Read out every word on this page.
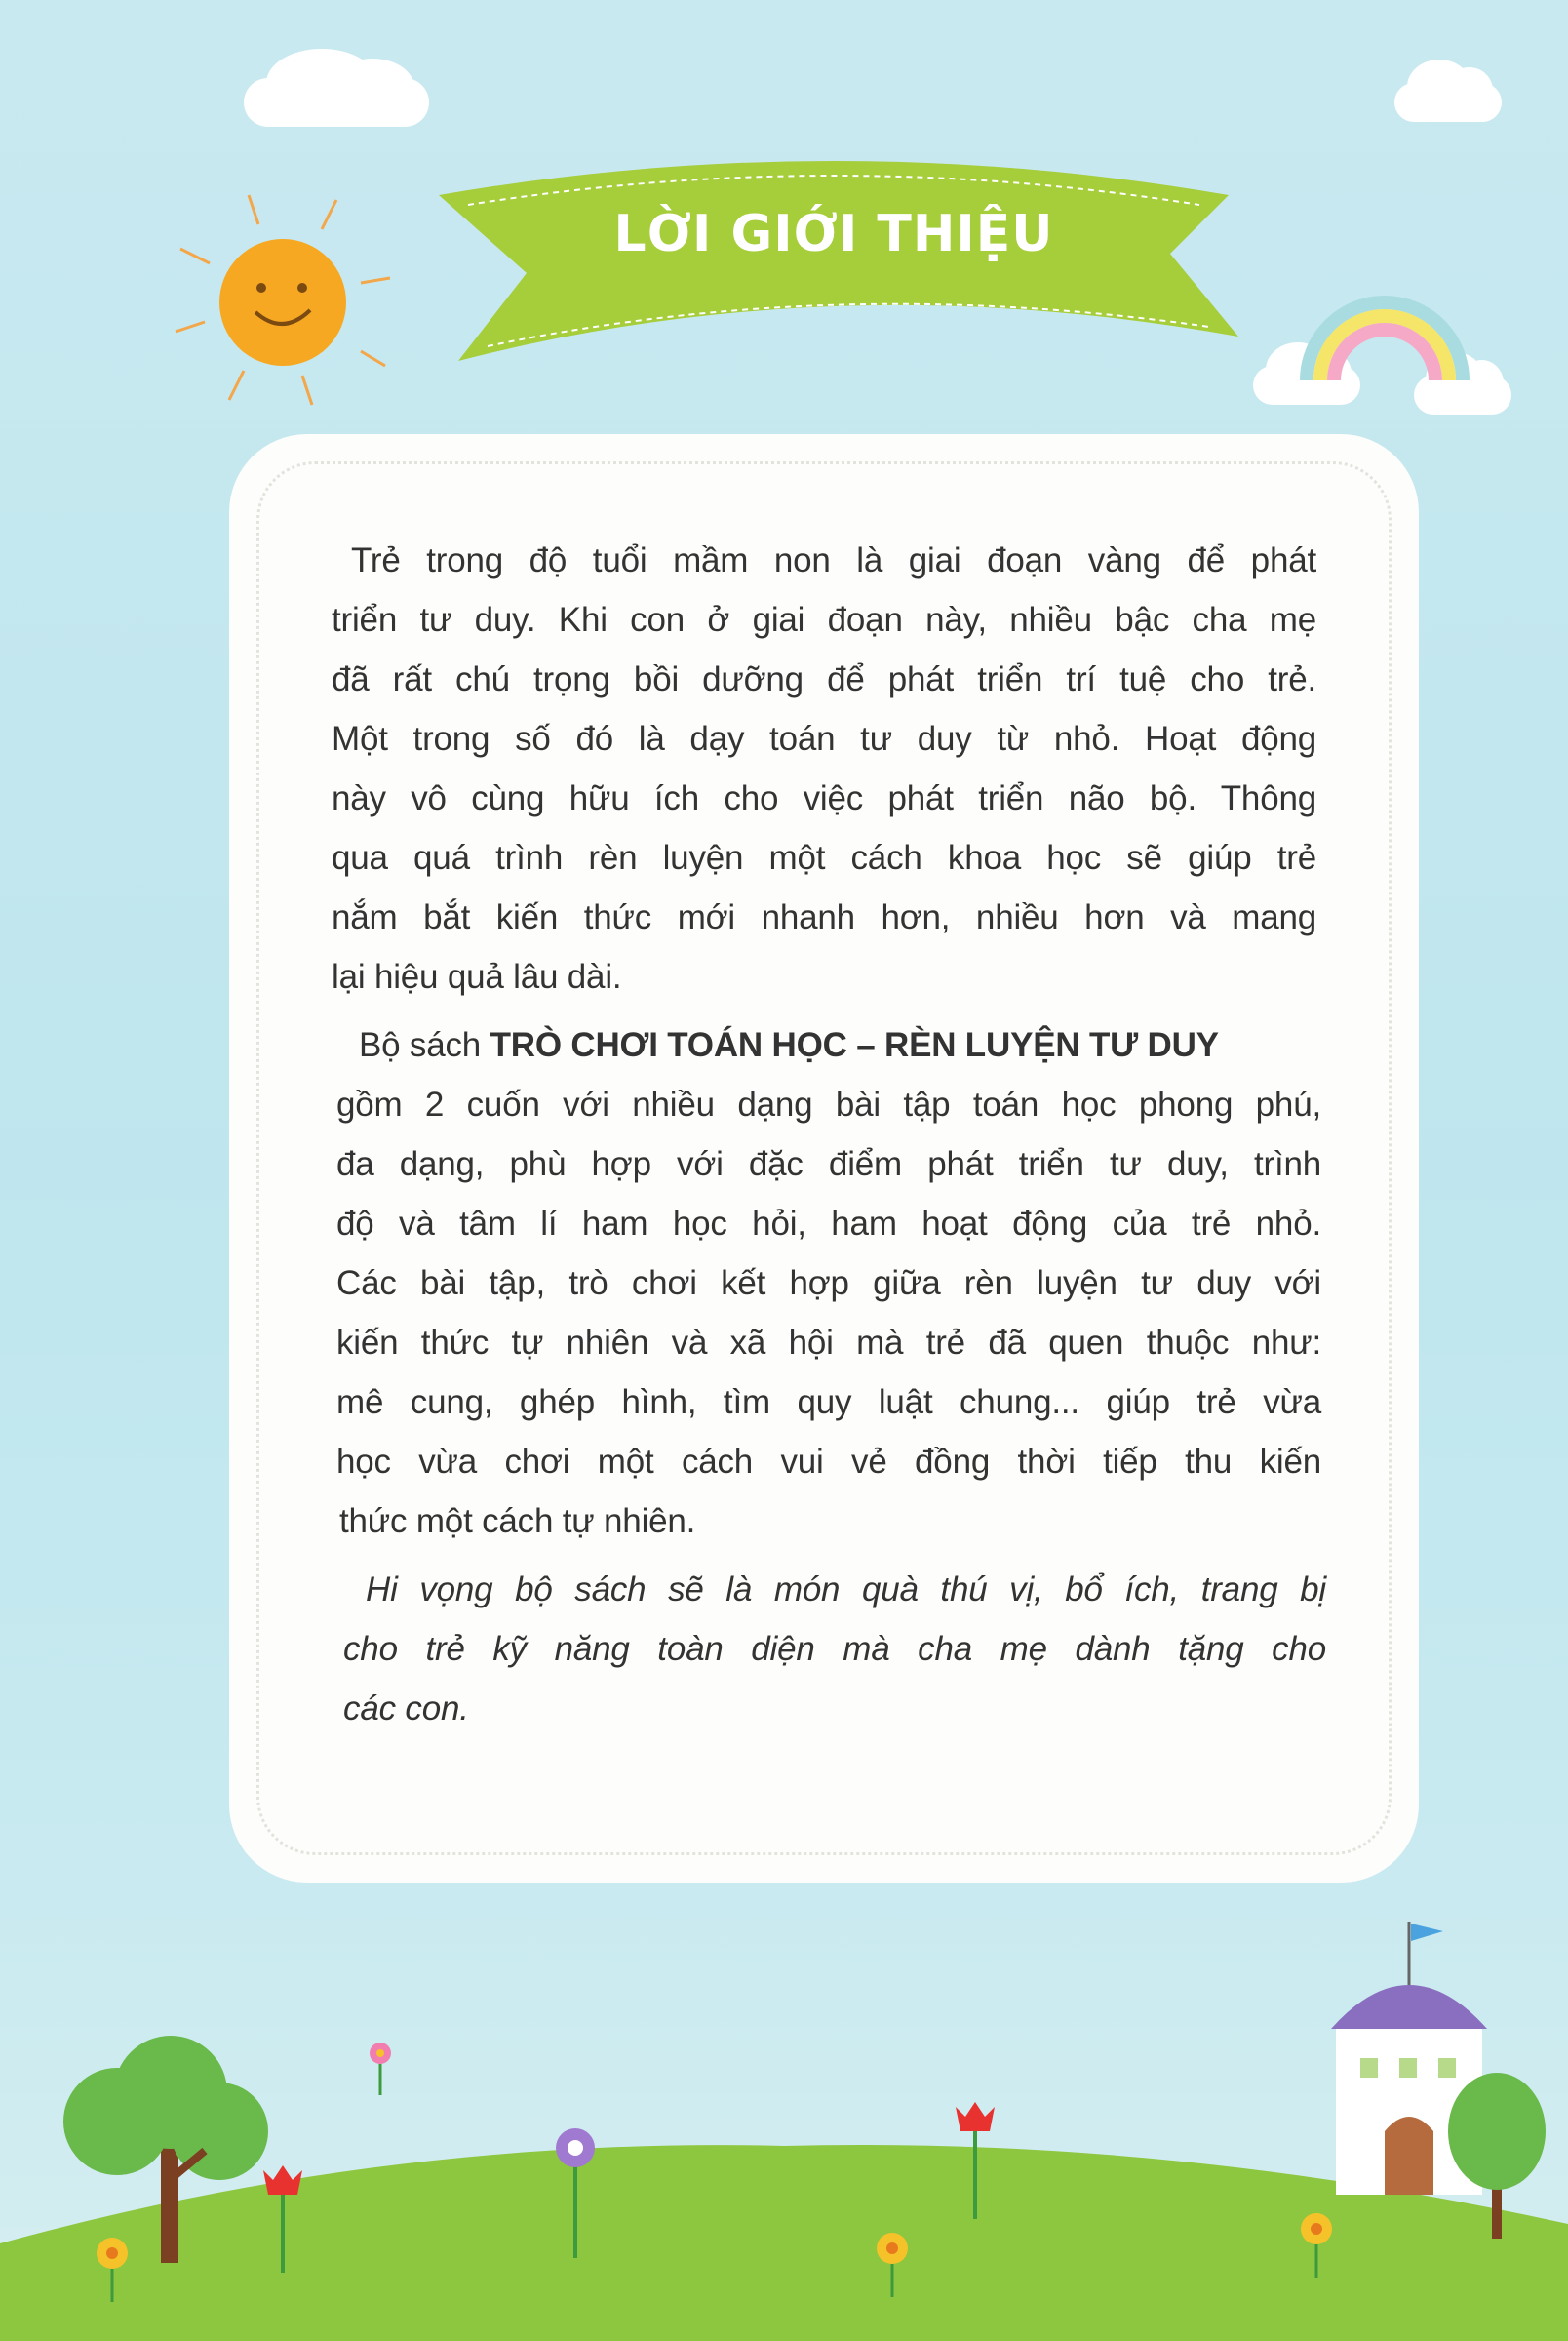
LỜI GIỚI THIỆU
Trẻ trong độ tuổi mầm non là giai đoạn vàng để phát
triển tư duy. Khi con ở giai đoạn này, nhiều bậc cha mẹ
đã rất chú trọng bồi dưỡng để phát triển trí tuệ cho trẻ.
Một trong số đó là dạy toán tư duy từ nhỏ. Hoạt động
này vô cùng hữu ích cho việc phát triển não bộ. Thông
qua quá trình rèn luyện một cách khoa học sẽ giúp trẻ
nắm bắt kiến thức mới nhanh hơn, nhiều hơn và mang
lại hiệu quả lâu dài.
Bộ sách TRÒ CHƠI TOÁN HỌC – RÈN LUYỆN TƯ DUY
gồm 2 cuốn với nhiều dạng bài tập toán học phong phú,
đa dạng, phù hợp với đặc điểm phát triển tư duy, trình
độ và tâm lí ham học hỏi, ham hoạt động của trẻ nhỏ.
Các bài tập, trò chơi kết hợp giữa rèn luyện tư duy với
kiến thức tự nhiên và xã hội mà trẻ đã quen thuộc như:
mê cung, ghép hình, tìm quy luật chung... giúp trẻ vừa
học vừa chơi một cách vui vẻ đồng thời tiếp thu kiến
thức một cách tự nhiên.
Hi vọng bộ sách sẽ là món quà thú vị, bổ ích, trang bị
cho trẻ kỹ năng toàn diện mà cha mẹ dành tặng cho
các con.
